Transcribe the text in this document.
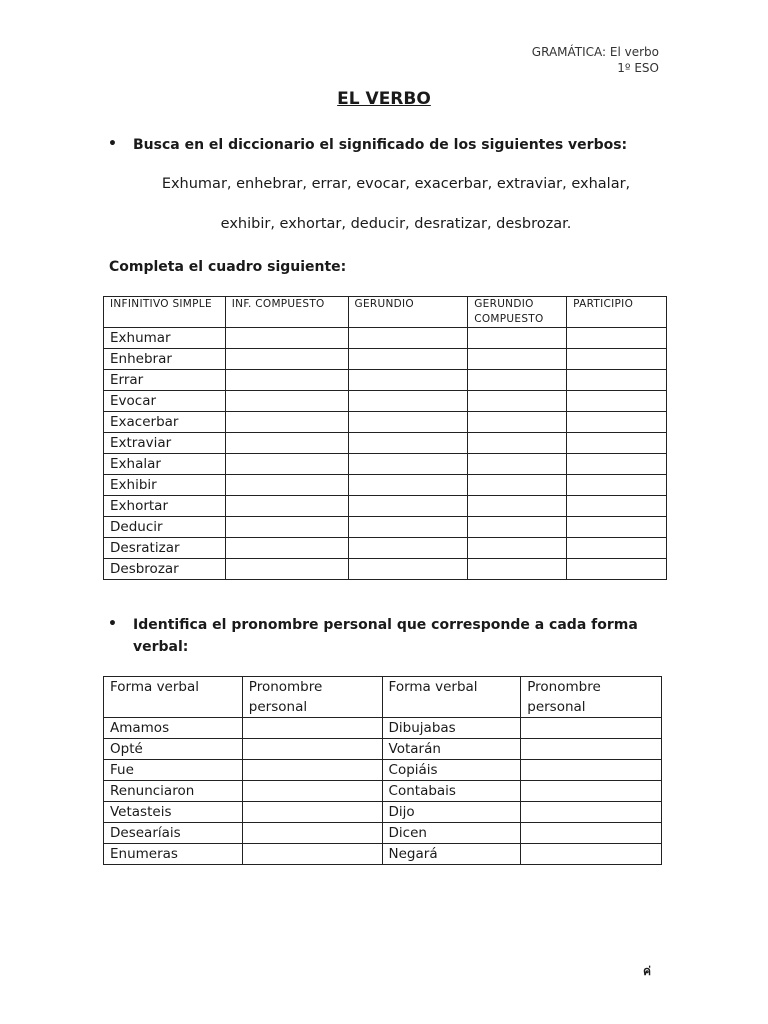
GRAMÁTICA: El verbo
1º ESO
EL VERBO
• Busca en el diccionario el significado de los siguientes verbos:
Exhumar, enhebrar, errar, evocar, exacerbar, extraviar, exhalar,
exhibir, exhortar, deducir, desratizar, desbrozar.
Completa el cuadro siguiente:
INFINITIVO SIMPLE	INF. COMPUESTO	GERUNDIO	GERUNDIO COMPUESTO	PARTICIPIO
Exhumar				
Enhebrar				
Errar				
Evocar				
Exacerbar				
Extraviar				
Exhalar				
Exhibir				
Exhortar				
Deducir				
Desratizar				
Desbrozar				
• Identifica el pronombre personal que corresponde a cada forma verbal:
Forma verbal	Pronombre personal	Forma verbal	Pronombre personal
Amamos		Dibujabas	
Opté		Votarán	
Fue		Copiáis	
Renunciaron		Contabais	
Vetasteis		Dijo	
Desearíais		Dicen	
Enumeras		Negará	
ค่
